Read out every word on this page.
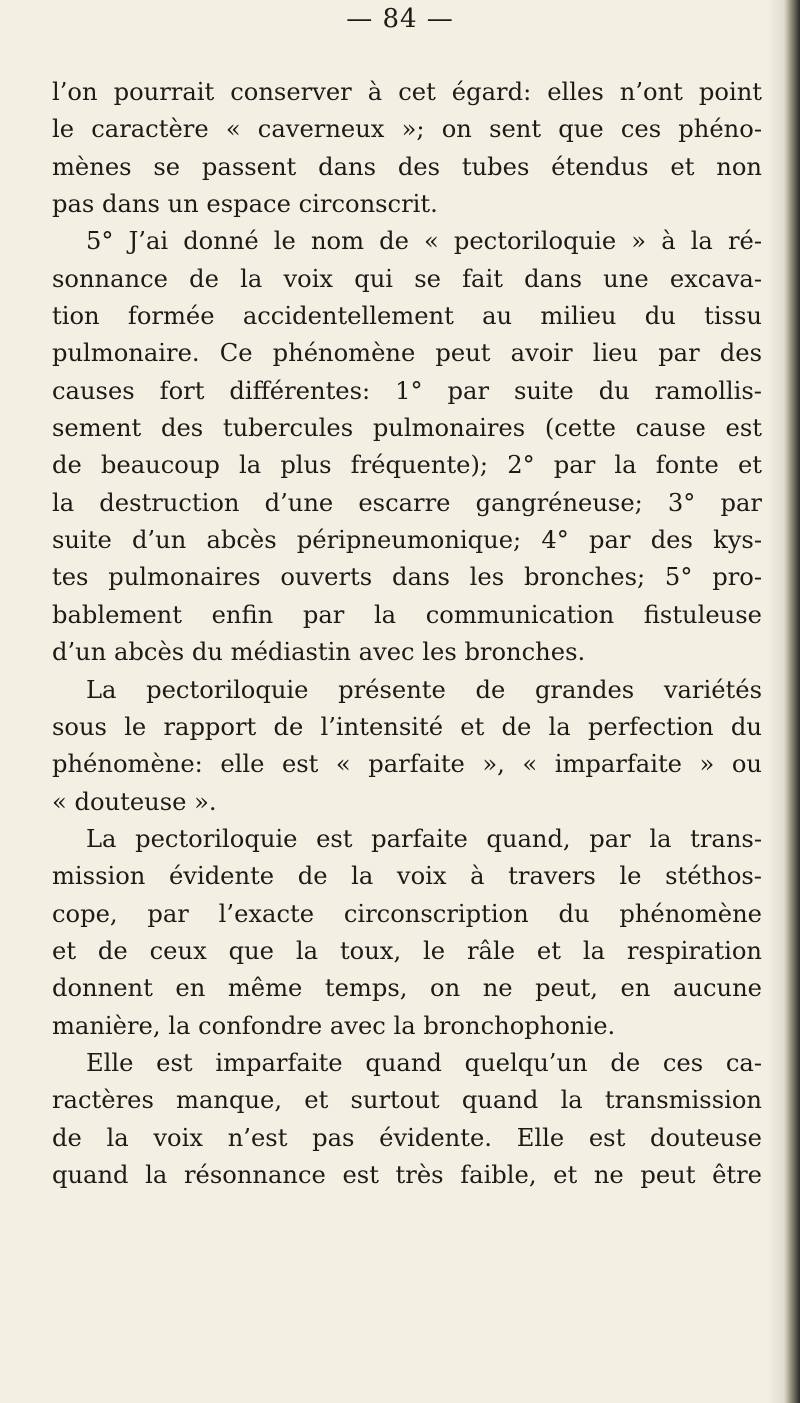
— 84 —
l’on pourrait conserver à cet égard: elles n’ont point
le caractère « caverneux »; on sent que ces phéno-
mènes se passent dans des tubes étendus et non
pas dans un espace circonscrit.
5° J’ai donné le nom de « pectoriloquie » à la ré-
sonnance de la voix qui se fait dans une excava-
tion formée accidentellement au milieu du tissu
pulmonaire. Ce phénomène peut avoir lieu par des
causes fort différentes: 1° par suite du ramollis-
sement des tubercules pulmonaires (cette cause est
de beaucoup la plus fréquente); 2° par la fonte et
la destruction d’une escarre gangréneuse; 3° par
suite d’un abcès péripneumonique; 4° par des kys-
tes pulmonaires ouverts dans les bronches; 5° pro-
bablement enfin par la communication fistuleuse
d’un abcès du médiastin avec les bronches.
La pectoriloquie présente de grandes variétés
sous le rapport de l’intensité et de la perfection du
phénomène: elle est « parfaite », « imparfaite » ou
« douteuse ».
La pectoriloquie est parfaite quand, par la trans-
mission évidente de la voix à travers le stéthos-
cope, par l’exacte circonscription du phénomène
et de ceux que la toux, le râle et la respiration
donnent en même temps, on ne peut, en aucune
manière, la confondre avec la bronchophonie.
Elle est imparfaite quand quelqu’un de ces ca-
ractères manque, et surtout quand la transmission
de la voix n’est pas évidente. Elle est douteuse
quand la résonnance est très faible, et ne peut être
